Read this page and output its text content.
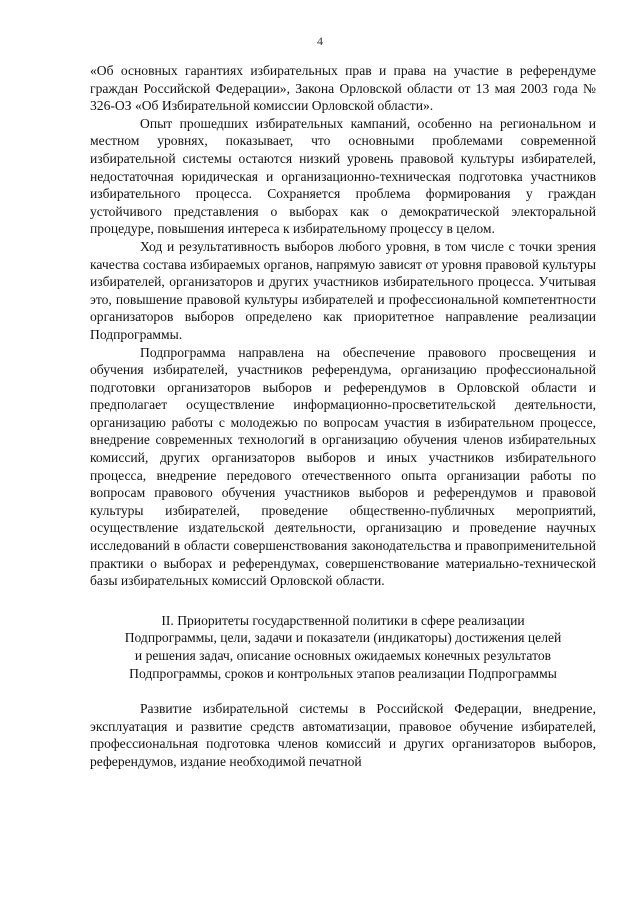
4

«Об основных гарантиях избирательных прав и права на участие в референдуме граждан Российской Федерации», Закона Орловской области от 13 мая 2003 года № 326-ОЗ «Об Избирательной комиссии Орловской области».

Опыт прошедших избирательных кампаний, особенно на региональном и местном уровнях, показывает, что основными проблемами современной избирательной системы остаются низкий уровень правовой культуры избирателей, недостаточная юридическая и организационно-техническая подготовка участников избирательного процесса. Сохраняется проблема формирования у граждан устойчивого представления о выборах как о демократической электоральной процедуре, повышения интереса к избирательному процессу в целом.

Ход и результативность выборов любого уровня, в том числе с точки зрения качества состава избираемых органов, напрямую зависят от уровня правовой культуры избирателей, организаторов и других участников избирательного процесса. Учитывая это, повышение правовой культуры избирателей и профессиональной компетентности организаторов выборов определено как приоритетное направление реализации Подпрограммы.

Подпрограмма направлена на обеспечение правового просвещения и обучения избирателей, участников референдума, организацию профессиональной подготовки организаторов выборов и референдумов в Орловской области и предполагает осуществление информационно-просветительской деятельности, организацию работы с молодежью по вопросам участия в избирательном процессе, внедрение современных технологий в организацию обучения членов избирательных комиссий, других организаторов выборов и иных участников избирательного процесса, внедрение передового отечественного опыта организации работы по вопросам правового обучения участников выборов и референдумов и правовой культуры избирателей, проведение общественно-публичных мероприятий, осуществление издательской деятельности, организацию и проведение научных исследований в области совершенствования законодательства и правоприменительной практики о выборах и референдумах, совершенствование материально-технической базы избирательных комиссий Орловской области.

II. Приоритеты государственной политики в сфере реализации
Подпрограммы, цели, задачи и показатели (индикаторы) достижения целей
и решения задач, описание основных ожидаемых конечных результатов
Подпрограммы, сроков и контрольных этапов реализации Подпрограммы

Развитие избирательной системы в Российской Федерации, внедрение, эксплуатация и развитие средств автоматизации, правовое обучение избирателей, профессиональная подготовка членов комиссий и других организаторов выборов, референдумов, издание необходимой печатной
